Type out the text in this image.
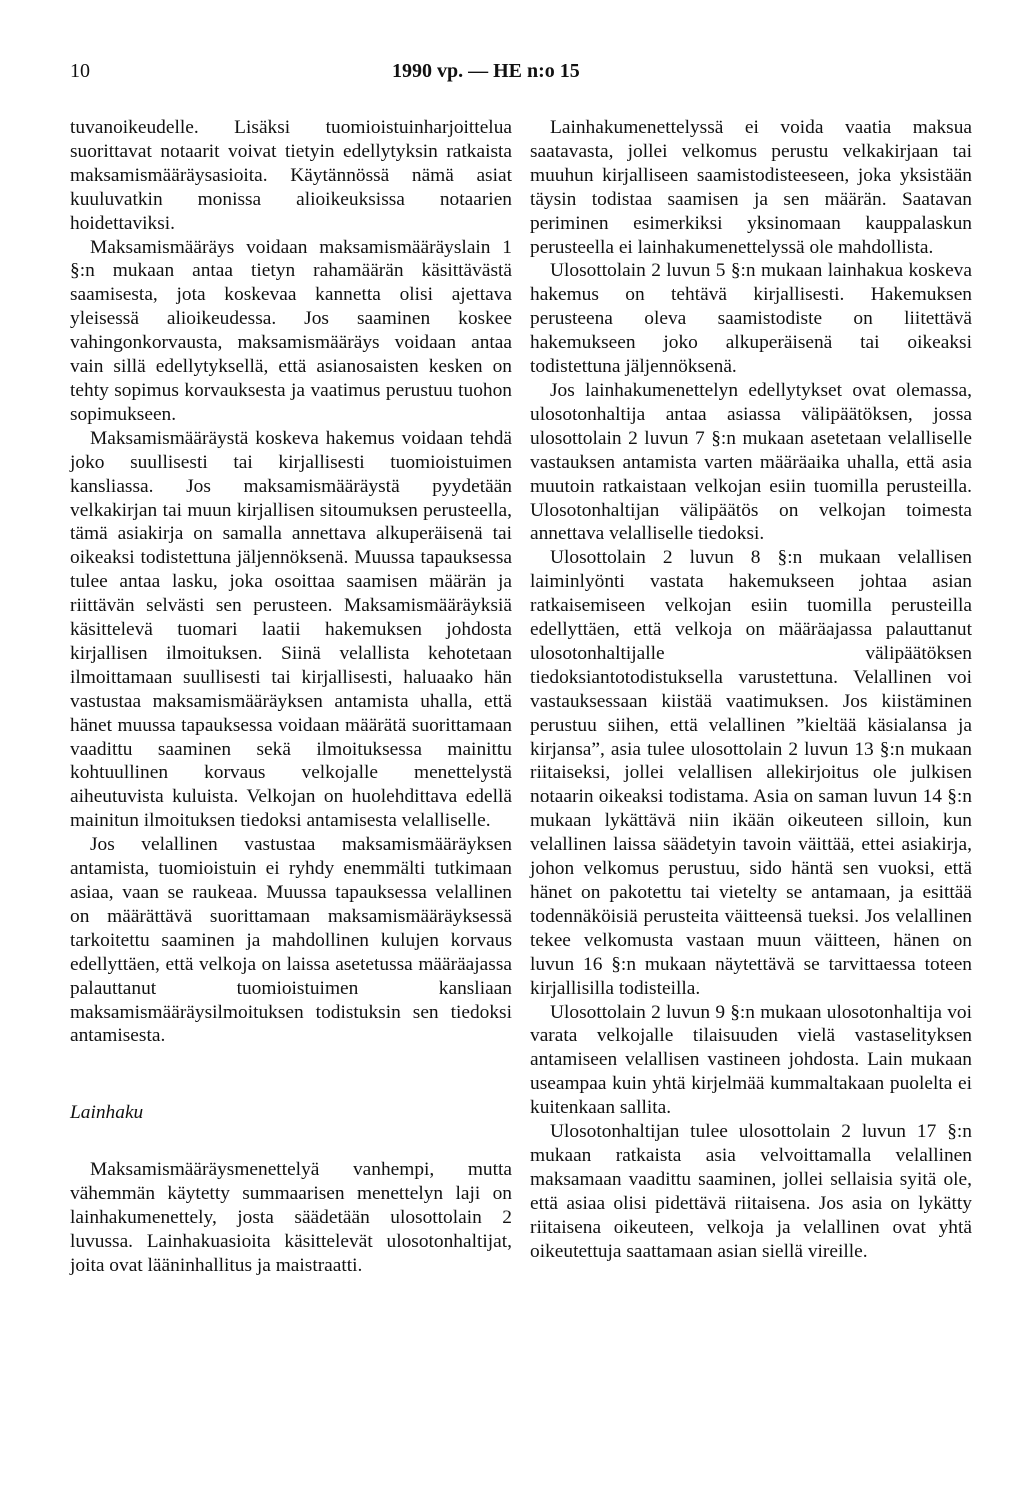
10	1990 vp. — HE n:o 15

tuvanoikeudelle. Lisäksi tuomioistuinharjoittelua suorittavat notaarit voivat tietyin edellytyksin ratkaista maksamismääräysasioita. Käytännössä nämä asiat kuuluvatkin monissa alioikeuksissa notaarien hoidettaviksi.

Maksamismääräys voidaan maksamismääräyslain 1 §:n mukaan antaa tietyn rahamäärän käsittävästä saamisesta, jota koskevaa kannetta olisi ajettava yleisessä alioikeudessa. Jos saaminen koskee vahingonkorvausta, maksamismääräys voidaan antaa vain sillä edellytyksellä, että asianosaisten kesken on tehty sopimus korvauksesta ja vaatimus perustuu tuohon sopimukseen.

Maksamismääräystä koskeva hakemus voidaan tehdä joko suullisesti tai kirjallisesti tuomioistuimen kansliassa. Jos maksamismääräystä pyydetään velkakirjan tai muun kirjallisen sitoumuksen perusteella, tämä asiakirja on samalla annettava alkuperäisenä tai oikeaksi todistettuna jäljennöksenä. Muussa tapauksessa tulee antaa lasku, joka osoittaa saamisen määrän ja riittävän selvästi sen perusteen. Maksamismääräyksiä käsittelevä tuomari laatii hakemuksen johdosta kirjallisen ilmoituksen. Siinä velallista kehotetaan ilmoittamaan suullisesti tai kirjallisesti, haluaako hän vastustaa maksamismääräyksen antamista uhalla, että hänet muussa tapauksessa voidaan määrätä suorittamaan vaadittu saaminen sekä ilmoituksessa mainittu kohtuullinen korvaus velkojalle menettelystä aiheutuvista kuluista. Velkojan on huolehdittava edellä mainitun ilmoituksen tiedoksi antamisesta velalliselle.

Jos velallinen vastustaa maksamismääräyksen antamista, tuomioistuin ei ryhdy enemmälti tutkimaan asiaa, vaan se raukeaa. Muussa tapauksessa velallinen on määrättävä suorittamaan maksamismääräyksessä tarkoitettu saaminen ja mahdollinen kulujen korvaus edellyttäen, että velkoja on laissa asetetussa määräajassa palauttanut tuomioistuimen kansliaan maksamismääräysilmoituksen todistuksin sen tiedoksi antamisesta.

Lainhaku

Maksamismääräysmenettelyä vanhempi, mutta vähemmän käytetty summaarisen menettelyn laji on lainhakumenettely, josta säädetään ulosottolain 2 luvussa. Lainhakuasioita käsittelevät ulosotonhaltijat, joita ovat lääninhallitus ja maistraatti.

Lainhakumenettelyssä ei voida vaatia maksua saatavasta, jollei velkomus perustu velkakirjaan tai muuhun kirjalliseen saamistodisteeseen, joka yksistään täysin todistaa saamisen ja sen määrän. Saatavan periminen esimerkiksi yksinomaan kauppalaskun perusteella ei lainhakumenettelyssä ole mahdollista.

Ulosottolain 2 luvun 5 §:n mukaan lainhakua koskeva hakemus on tehtävä kirjallisesti. Hakemuksen perusteena oleva saamistodiste on liitettävä hakemukseen joko alkuperäisenä tai oikeaksi todistettuna jäljennöksenä.

Jos lainhakumenettelyn edellytykset ovat olemassa, ulosotonhaltija antaa asiassa välipäätöksen, jossa ulosottolain 2 luvun 7 §:n mukaan asetetaan velalliselle vastauksen antamista varten määräaika uhalla, että asia muutoin ratkaistaan velkojan esiin tuomilla perusteilla. Ulosotonhaltijan välipäätös on velkojan toimesta annettava velalliselle tiedoksi.

Ulosottolain 2 luvun 8 §:n mukaan velallisen laiminlyönti vastata hakemukseen johtaa asian ratkaisemiseen velkojan esiin tuomilla perusteilla edellyttäen, että velkoja on määräajassa palauttanut ulosotonhaltijalle välipäätöksen tiedoksiantotodistuksella varustettuna. Velallinen voi vastauksessaan kiistää vaatimuksen. Jos kiistäminen perustuu siihen, että velallinen ”kieltää käsialansa ja kirjansa”, asia tulee ulosottolain 2 luvun 13 §:n mukaan riitaiseksi, jollei velallisen allekirjoitus ole julkisen notaarin oikeaksi todistama. Asia on saman luvun 14 §:n mukaan lykättävä niin ikään oikeuteen silloin, kun velallinen laissa säädetyin tavoin väittää, ettei asiakirja, johon velkomus perustuu, sido häntä sen vuoksi, että hänet on pakotettu tai vietelty se antamaan, ja esittää todennäköisiä perusteita väitteensä tueksi. Jos velallinen tekee velkomusta vastaan muun väitteen, hänen on luvun 16 §:n mukaan näytettävä se tarvittaessa toteen kirjallisilla todisteilla.

Ulosottolain 2 luvun 9 §:n mukaan ulosotonhaltija voi varata velkojalle tilaisuuden vielä vastaselityksen antamiseen velallisen vastineen johdosta. Lain mukaan useampaa kuin yhtä kirjelmää kummaltakaan puolelta ei kuitenkaan sallita.

Ulosotonhaltijan tulee ulosottolain 2 luvun 17 §:n mukaan ratkaista asia velvoittamalla velallinen maksamaan vaadittu saaminen, jollei sellaisia syitä ole, että asiaa olisi pidettävä riitaisena. Jos asia on lykätty riitaisena oikeuteen, velkoja ja velallinen ovat yhtä oikeutettuja saattamaan asian siellä vireille.
